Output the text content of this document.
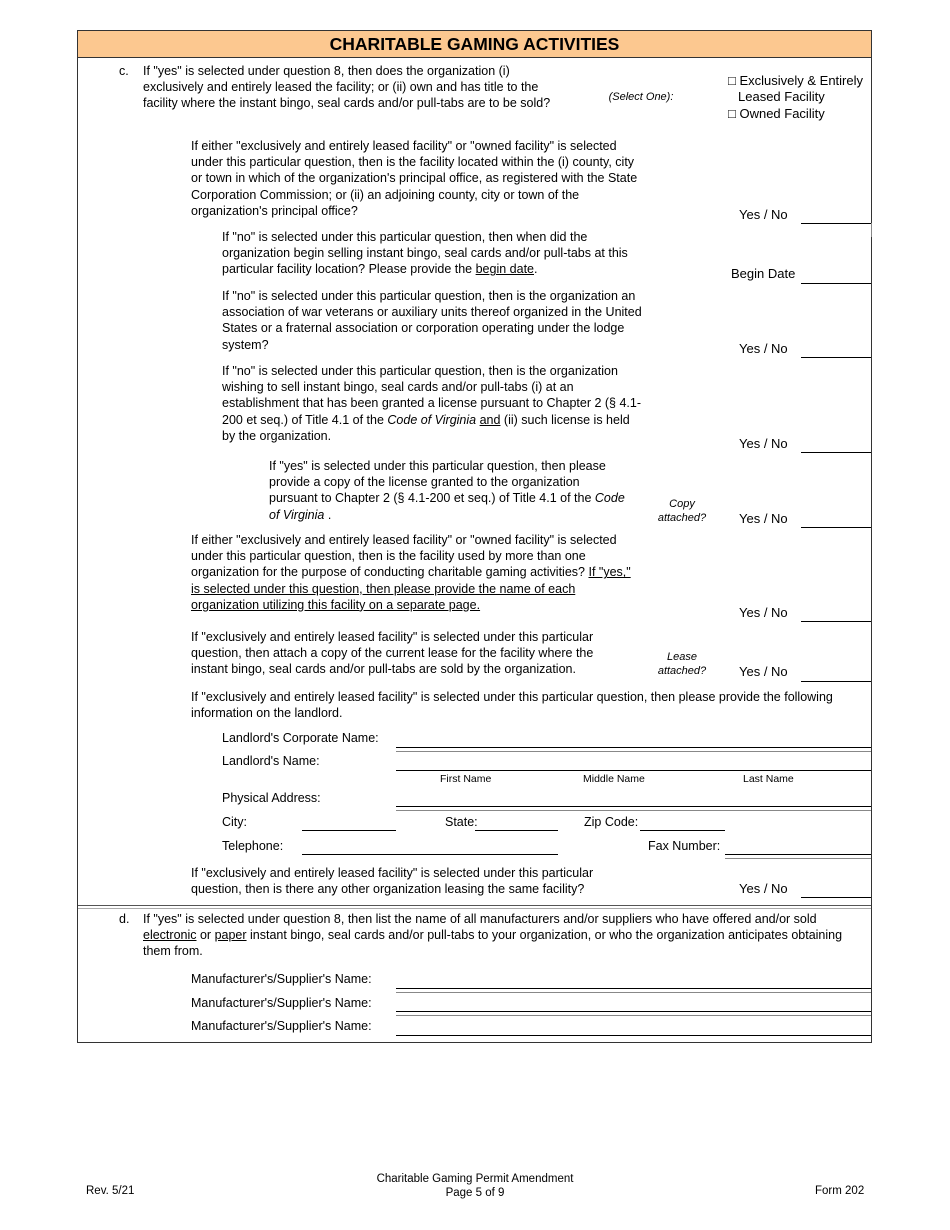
CHARITABLE GAMING ACTIVITIES
c. If "yes" is selected under question 8, then does the organization (i) exclusively and entirely leased the facility; or (ii) own and has title to the facility where the instant bingo, seal cards and/or pull-tabs are to be sold?	(Select One):
□ Exclusively & Entirely
Leased Facility
□ Owned Facility
If either "exclusively and entirely leased facility" or "owned facility" is selected under this particular question, then is the facility located within the (i) county, city or town in which of the organization's principal office, as registered with the State Corporation Commission; or (ii) an adjoining county, city or town of the organization's principal office?	Yes / No
If "no" is selected under this particular question, then when did the organization begin selling instant bingo, seal cards and/or pull-tabs at this particular facility location? Please provide the begin date.	Begin Date
If "no" is selected under this particular question, then is the organization an association of war veterans or auxiliary units thereof organized in the United States or a fraternal association or corporation operating under the lodge system?	Yes / No
If "no" is selected under this particular question, then is the organization wishing to sell instant bingo, seal cards and/or pull-tabs (i) at an establishment that has been granted a license pursuant to Chapter 2 (§ 4.1-200 et seq.) of Title 4.1 of the Code of Virginia and (ii) such license is held by the organization.
Yes / No
If "yes" is selected under this particular question, then please provide a copy of the license granted to the organization pursuant to Chapter 2 (§ 4.1-200 et seq.) of Title 4.1 of the Code of Virginia .
Copy
attached?	Yes / No
If either "exclusively and entirely leased facility" or "owned facility" is selected under this particular question, then is the facility used by more than one organization for the purpose of conducting charitable gaming activities? If "yes," is selected under this question, then please provide the name of each organization utilizing this facility on a separate page.
Yes / No
If "exclusively and entirely leased facility" is selected under this particular question, then attach a copy of the current lease for the facility where the instant bingo, seal cards and/or pull-tabs are sold by the organization.
Lease
attached?	Yes / No
If "exclusively and entirely leased facility" is selected under this particular question, then please provide the following information on the landlord.
Landlord's Corporate Name:
Landlord's Name:
First Name	Middle Name	Last Name
Physical Address:
City:	State:	Zip Code:
Telephone:	Fax Number:
If "exclusively and entirely leased facility" is selected under this particular question, then is there any other organization leasing the same facility?	Yes / No
d. If "yes" is selected under question 8, then list the name of all manufacturers and/or suppliers who have offered and/or sold electronic or paper instant bingo, seal cards and/or pull-tabs to your organization, or who the organization anticipates obtaining them from.
Manufacturer's/Supplier's Name:
Manufacturer's/Supplier's Name:
Manufacturer's/Supplier's Name:
Rev. 5/21
Charitable Gaming Permit Amendment
Page 5 of 9	Form 202
